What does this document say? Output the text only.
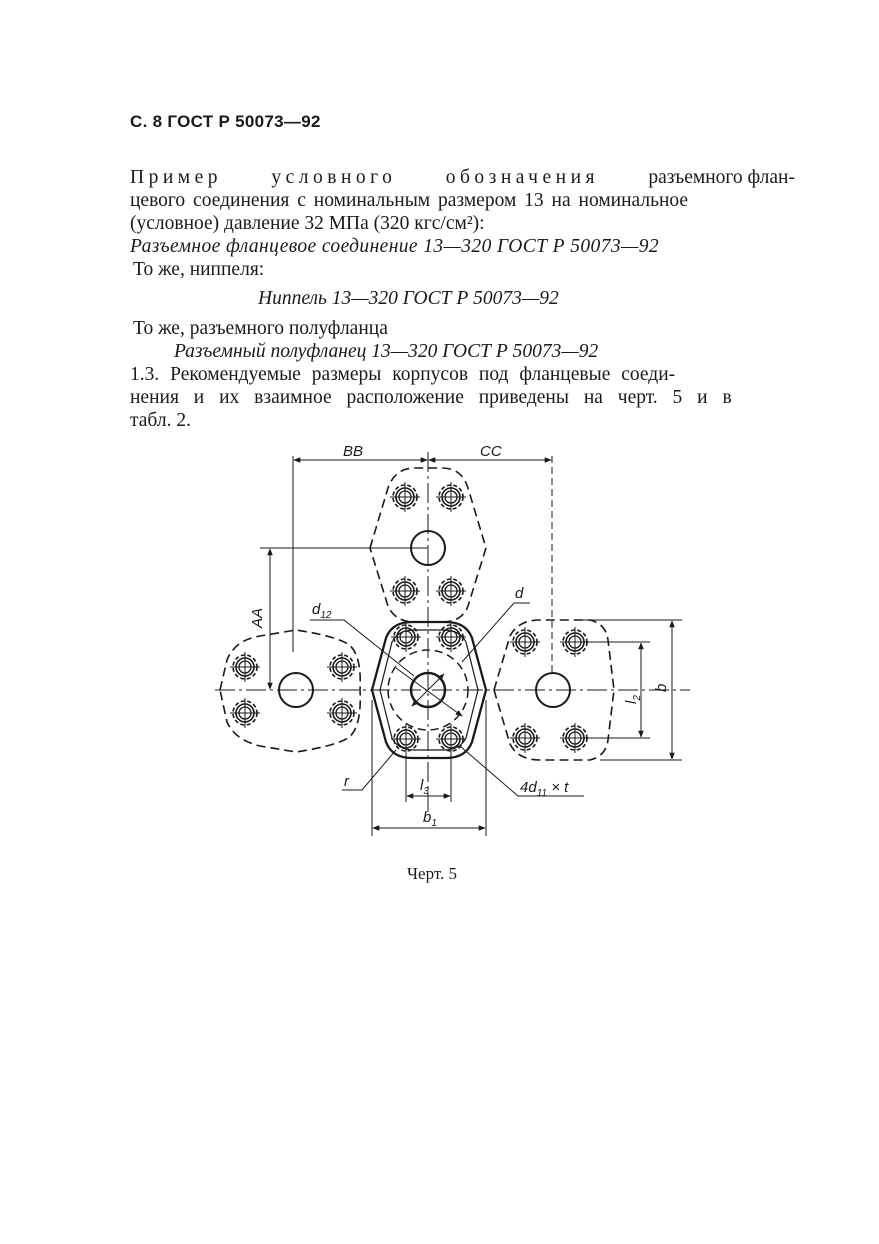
С. 8 ГОСТ Р 50073—92
Пример	условного	обозначения	разъемного флан-
цевого соединения с номинальным размером 13 на номинальное
(условное) давление 32 МПа (320 кгс/см²):
Разъемное фланцевое соединение 13—320 ГОСТ Р 50073—92
То же, ниппеля:
Ниппель 13—320 ГОСТ Р 50073—92
То же, разъемного полуфланца
Разъемный полуфланец 13—320 ГОСТ Р 50073—92
1.3. Рекомендуемые размеры корпусов под фланцевые соеди-
нения и их взаимное расположение приведены на черт. 5 и в
табл. 2.
BB	CC
AA	$d_{12}$
d
$l_2$
b
r	$l_3$
$b_1$
$4d_{11} \times t$
Черт. 5
